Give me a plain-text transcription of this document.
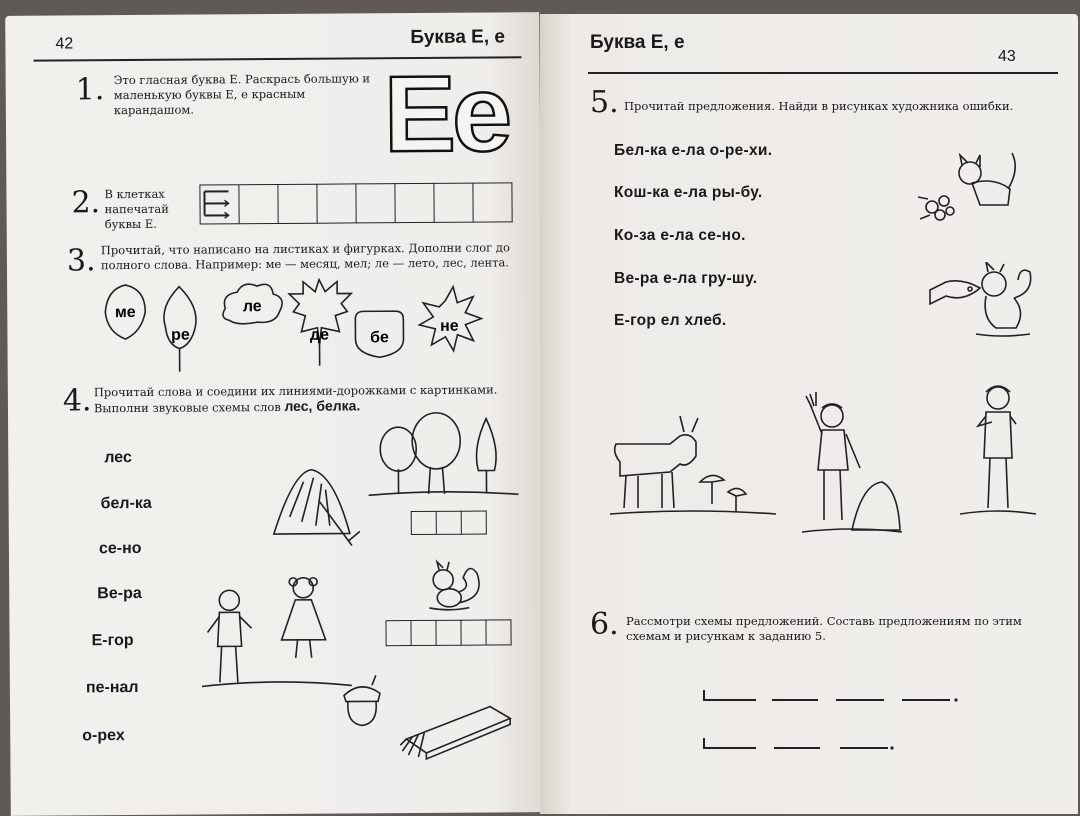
42	Буква Е, е
1. Это гласная буква Е. Раскрась большую и маленькую буквы Е, е красным карандашом.	Ee
2. В клетках напечатай буквы Е.
3. Прочитай, что написано на листиках и фигурках. Дополни слог до полного слова. Например: ме — месяц, мел; ле — лето, лес, лента.
ме
ре
ле
де	бе
не
4. Прочитай слова и соедини их линиями-дорожками с картинками. Выполни звуковые схемы слов лес, белка.
лес
бел-ка
се-но
Ве-ра
Е-гор
пе-нал
о-рех
Буква Е, е
43
5. Прочитай предложения. Найди в рисунках художника ошибки.
Бел-ка е-ла о-ре-хи.
Кош-ка е-ла ры-бу.
Ко-за е-ла се-но.
Ве-ра е-ла гру-шу.
Е-гор ел хлеб.
6. Рассмотри схемы предложений. Составь предложениям по этим схемам и рисункам к заданию 5.
